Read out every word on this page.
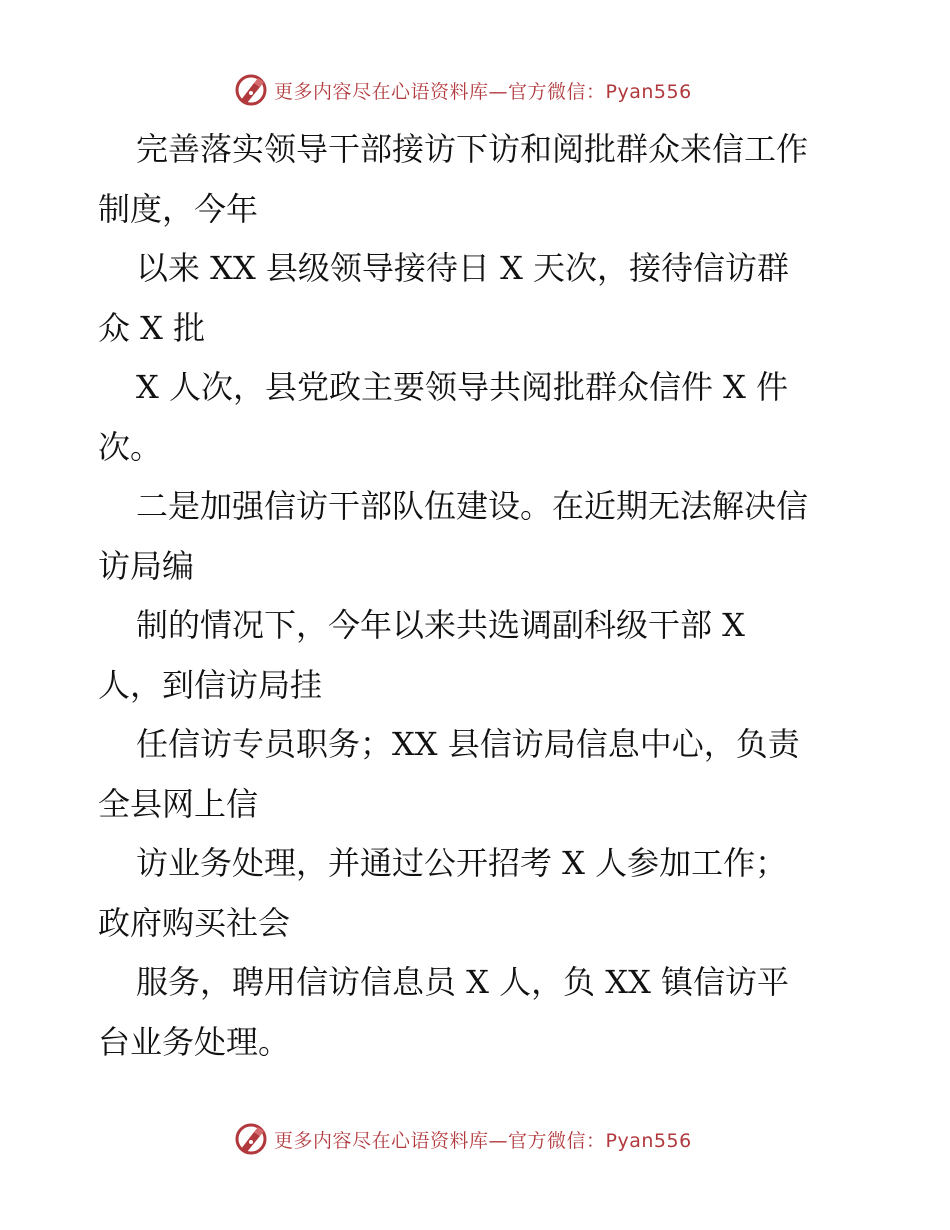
更多内容尽在心语资料库—官方微信：Pyan556
完善落实领导干部接访下访和阅批群众来信工作
制度，今年
以来 XX 县级领导接待日 X 天次，接待信访群
众 X 批
X 人次，县党政主要领导共阅批群众信件 X 件
次。
二是加强信访干部队伍建设。在近期无法解决信
访局编
制的情况下，今年以来共选调副科级干部 X
人，到信访局挂
任信访专员职务；XX 县信访局信息中心，负责
全县网上信
访业务处理，并通过公开招考 X 人参加工作；
政府购买社会
服务，聘用信访信息员 X 人，负 XX 镇信访平
台业务处理。
更多内容尽在心语资料库—官方微信：Pyan556
